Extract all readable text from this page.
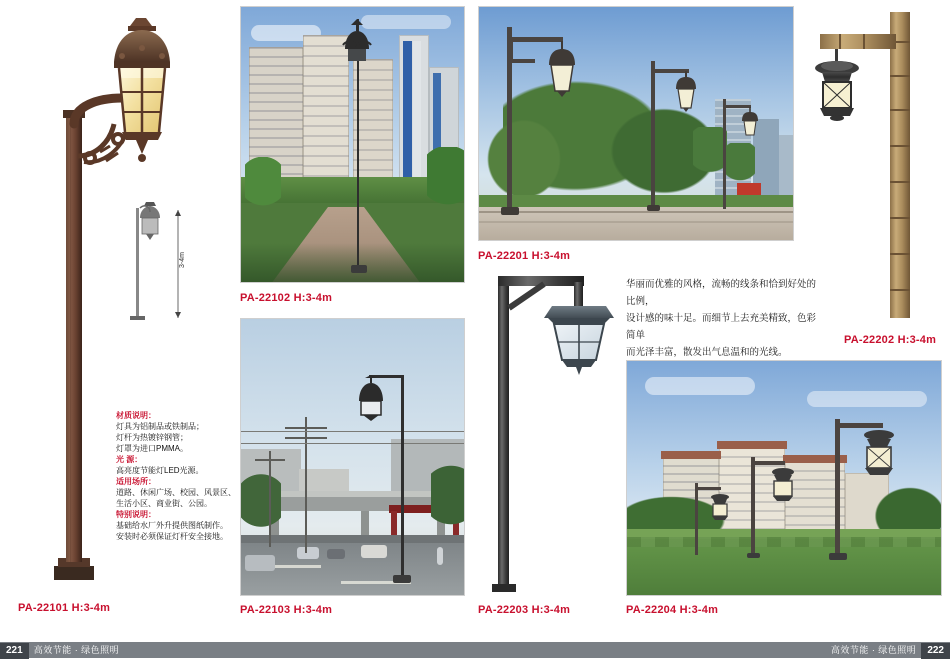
3-4m
材质说明：
灯具为铝制品或铁制品；
灯杆为热镀锌钢管；
灯罩为进口PMMA。
光 源：
高亮度节能灯LED光源。
适用场所：
道路、休闲广场、校园、风景区、
生活小区、商业街、公园。
特别说明：
基础给水厂外升提供图纸制作。
安装时必须保证灯杆安全接地。
PA-22101 H:3-4m
PA-22102 H:3-4m
PA-22103 H:3-4m
PA-22201 H:3-4m
PA-22202 H:3-4m
华丽而优雅的风格，流畅的线条和恰到好处的比例，
设计感的味十足。而细节上去充美精致，色彩简单
而光泽丰富，散发出气息温和的光线。
PA-22203 H:3-4m	PA-22204 H:3-4m
221 高效节能 · 绿色照明	高效节能 · 绿色照明 222
